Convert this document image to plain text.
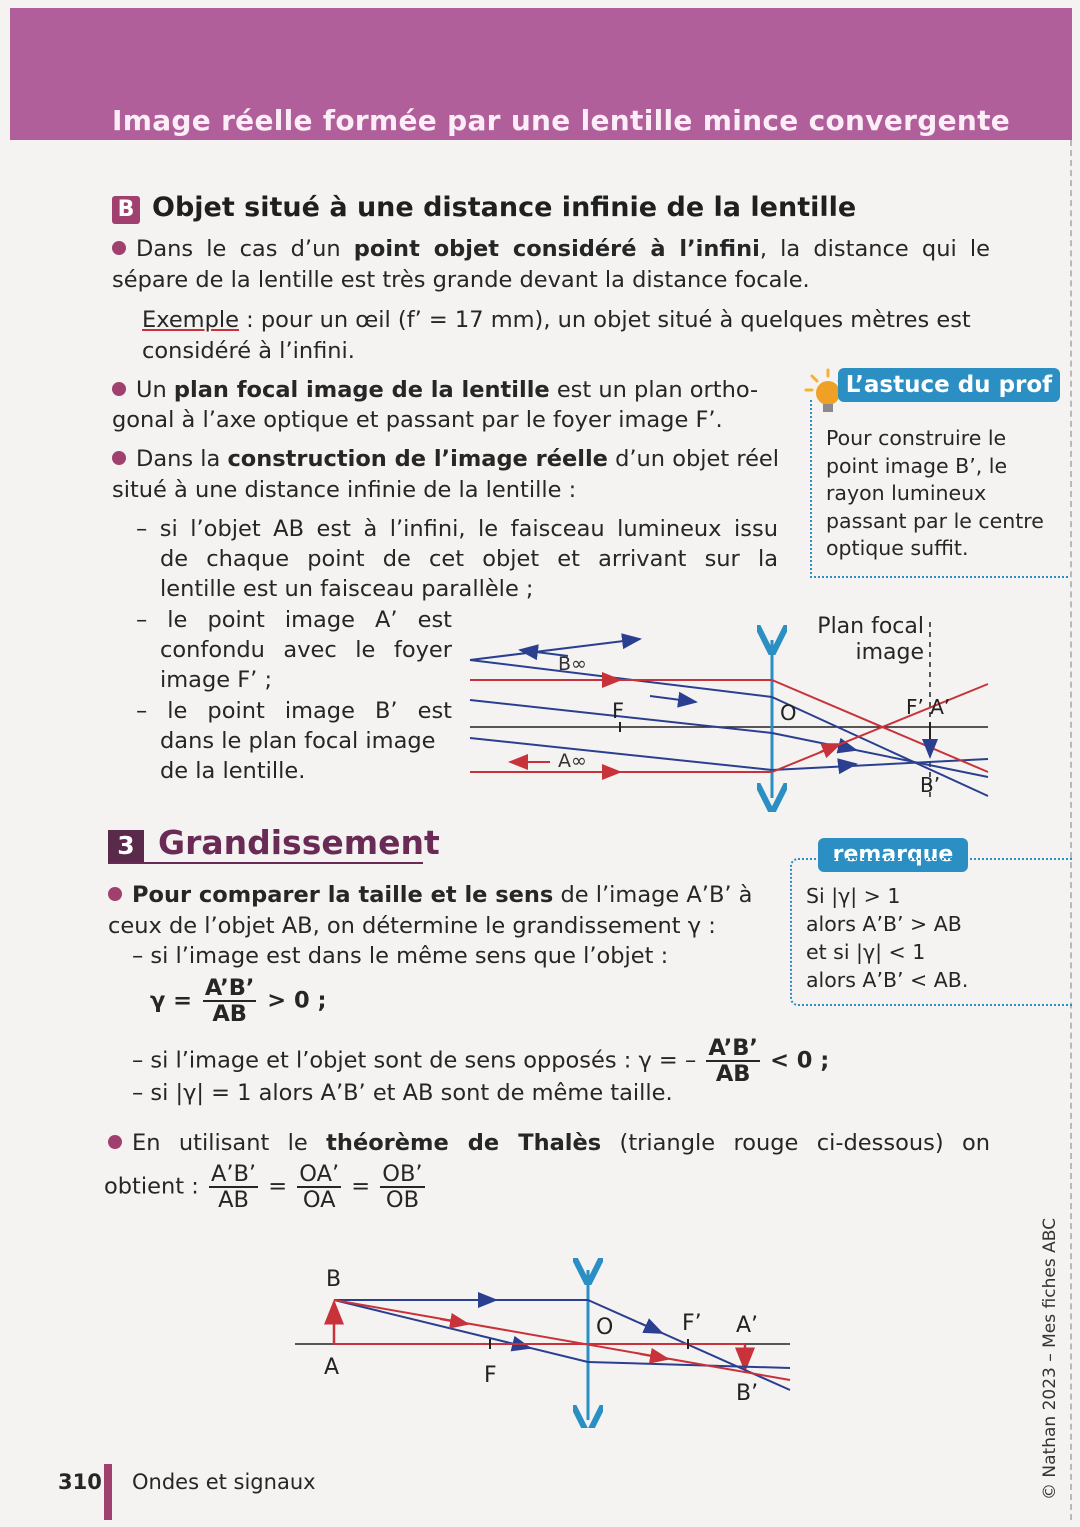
Image réelle formée par une lentille mince convergente
B Objet situé à une distance infinie de la lentille
Dans le cas d’un point objet considéré à l’infini, la distance qui le
sépare de la lentille est très grande devant la distance focale.
Exemple : pour un œil (f’ = 17 mm), un objet situé à quelques mètres est
considéré à l’infini.
Un plan focal image de la lentille est un plan ortho-
gonal à l’axe optique et passant par le foyer image F’.
Dans la construction de l’image réelle d’un objet réel
situé à une distance infinie de la lentille :
– si l’objet AB est à l’infini, le faisceau lumineux issu
de chaque point de cet objet et arrivant sur la
lentille est un faisceau parallèle ;
– le point image A’ est
confondu avec le foyer
image F’ ;
– le point image B’ est
dans le plan focal image
de la lentille.
L’astuce du prof
Pour construire le
point image B’, le
rayon lumineux
passant par le centre
optique suffit.
B∞
A∞
F	O	F’ A’
B’
Plan focal
image
3 Grandissement
Pour comparer la taille et le sens de l’image A’B’ à
ceux de l’objet AB, on détermine le grandissement γ :
– si l’image est dans le même sens que l’objet :
$\gamma = \frac{A’B’}{AB} > 0$ ;
– si l’image et l’objet sont de sens opposés : γ = – $\frac{A’B’}{AB} < 0$ ;
– si |γ| = 1 alors A’B’ et AB sont de même taille.
En utilisant le théorème de Thalès (triangle rouge ci-dessous) on
obtient : $\frac{A’B’}{AB} = \frac{OA’}{OA} = \frac{OB’}{OB}$
remarque
Si |γ| > 1
alors A’B’ > AB
et si |γ| < 1
alors A’B’ < AB.
B
A	F
O	F’ A’
B’
310 Ondes et signaux	© Nathan 2023 – Mes fiches ABC
